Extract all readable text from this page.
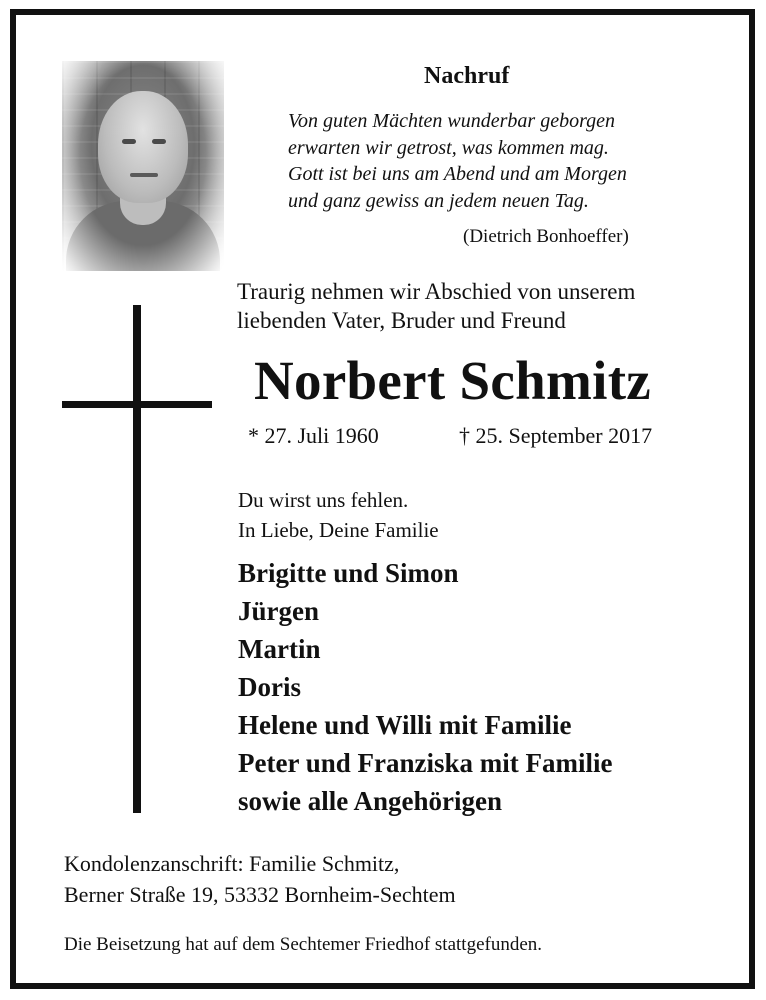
Nachruf
Von guten Mächten wunderbar geborgen
erwarten wir getrost, was kommen mag.
Gott ist bei uns am Abend und am Morgen
und ganz gewiss an jedem neuen Tag.
(Dietrich Bonhoeffer)
Traurig nehmen wir Abschied von unserem
liebenden Vater, Bruder und Freund
Norbert Schmitz
* 27. Juli 1960	† 25. September 2017
Du wirst uns fehlen.
In Liebe, Deine Familie
Brigitte und Simon
Jürgen
Martin
Doris
Helene und Willi mit Familie
Peter und Franziska mit Familie
sowie alle Angehörigen
Kondolenzanschrift: Familie Schmitz,
Berner Straße 19, 53332 Bornheim-Sechtem
Die Beisetzung hat auf dem Sechtemer Friedhof stattgefunden.
